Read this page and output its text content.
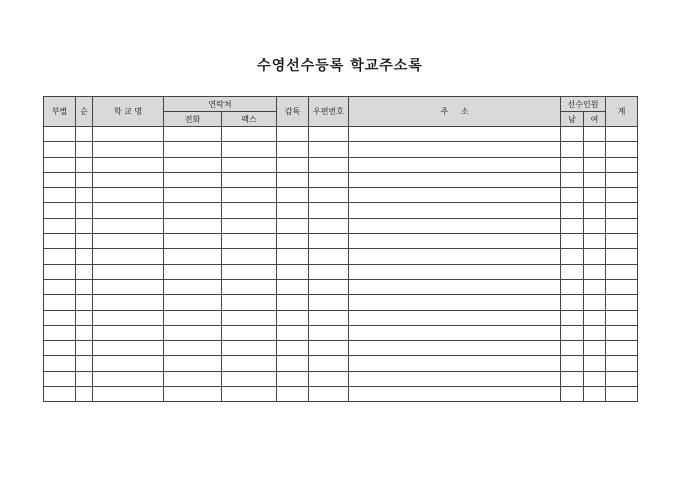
수영선수등록 학교주소록
부별	순	학 교 명	연락처		감독	우편번호	주     소	선수인원		계
			전화	팩스				남	여	
